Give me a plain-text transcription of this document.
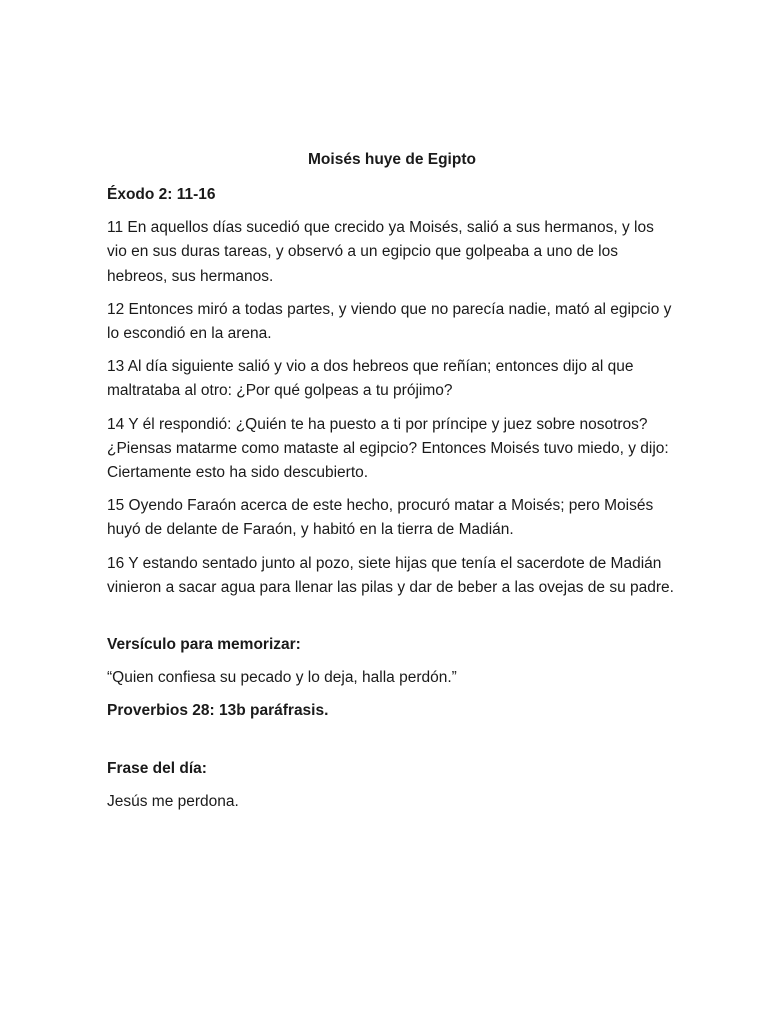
Moisés huye de Egipto

Éxodo 2: 11-16

11 En aquellos días sucedió que crecido ya Moisés, salió a sus hermanos, y los vio en sus duras tareas, y observó a un egipcio que golpeaba a uno de los hebreos, sus hermanos.

12 Entonces miró a todas partes, y viendo que no parecía nadie, mató al egipcio y lo escondió en la arena.

13 Al día siguiente salió y vio a dos hebreos que reñían; entonces dijo al que maltrataba al otro: ¿Por qué golpeas a tu prójimo?

14 Y él respondió: ¿Quién te ha puesto a ti por príncipe y juez sobre nosotros? ¿Piensas matarme como mataste al egipcio? Entonces Moisés tuvo miedo, y dijo: Ciertamente esto ha sido descubierto.

15 Oyendo Faraón acerca de este hecho, procuró matar a Moisés; pero Moisés huyó de delante de Faraón, y habitó en la tierra de Madián.

16 Y estando sentado junto al pozo, siete hijas que tenía el sacerdote de Madián vinieron a sacar agua para llenar las pilas y dar de beber a las ovejas de su padre.

Versículo para memorizar:

“Quien confiesa su pecado y lo deja, halla perdón.”

Proverbios 28: 13b paráfrasis.

Frase del día:

Jesús me perdona.
